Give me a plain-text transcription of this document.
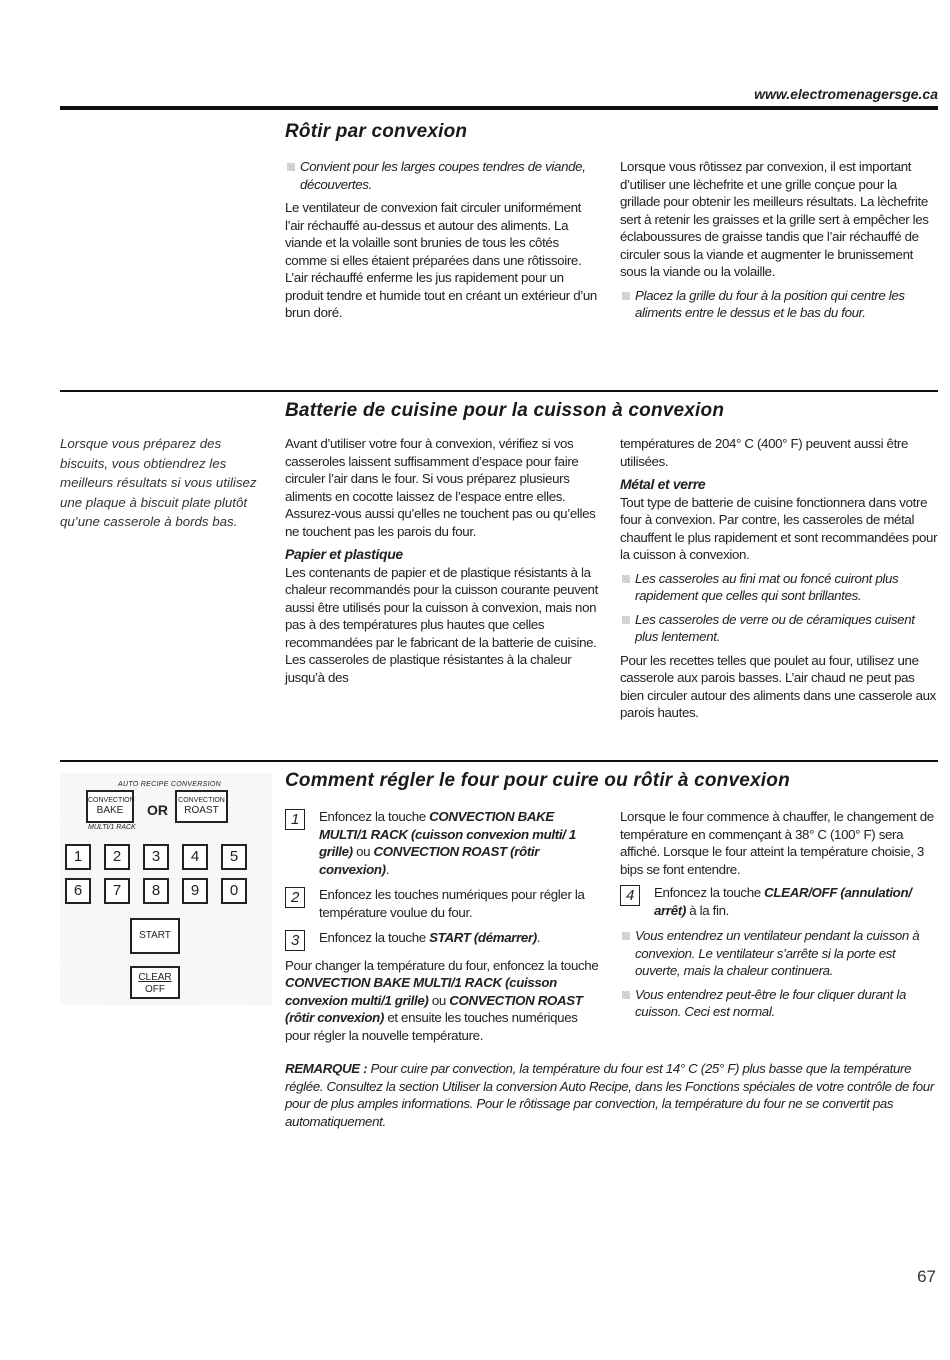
www.electromenagersge.ca
Rôtir par convexion
Convient pour les larges coupes tendres de viande, découvertes.

Le ventilateur de convexion fait circuler uniformément l’air réchauffé au-dessus et autour des aliments. La viande et la volaille sont brunies de tous les côtés comme si elles étaient préparées dans une rôtissoire. L’air réchauffé enferme les jus rapidement pour un produit tendre et humide tout en créant un extérieur d’un brun doré.

Lorsque vous rôtissez par convexion, il est important d’utiliser une lèchefrite et une grille conçue pour la grillade pour obtenir les meilleurs résultats. La lèchefrite sert à retenir les graisses et la grille sert à empêcher les éclaboussures de graisse tandis que l’air réchauffé de circuler sous la viande et augmenter le brunissement sous la viande ou la volaille.

Placez la grille du four à la position qui centre les aliments entre le dessus et le bas du four.
Batterie de cuisine pour la cuisson à convexion
Lorsque vous préparez des biscuits, vous obtiendrez les meilleurs résultats si vous utilisez une plaque à biscuit plate plutôt qu’une casserole à bords bas.

Avant d’utiliser votre four à convexion, vérifiez si vos casseroles laissent suffisamment d’espace pour faire circuler l’air dans le four. Si vous préparez plusieurs aliments en cocotte laissez de l’espace entre elles. Assurez-vous aussi qu’elles ne touchent pas ou qu’elles ne touchent pas les parois du four.

Papier et plastique

Les contenants de papier et de plastique résistants à la chaleur recommandés pour la cuisson courante peuvent aussi être utilisés pour la cuisson à convexion, mais non pas à des températures plus hautes que celles recommandées par le fabricant de la batterie de cuisine. Les casseroles de plastique résistantes à la chaleur jusqu’à des

températures de 204° C (400° F) peuvent aussi être utilisées.

Métal et verre

Tout type de batterie de cuisine fonctionnera dans votre four à convexion. Par contre, les casseroles de métal chauffent le plus rapidement et sont recommandées pour la cuisson à convexion.

Les casseroles au fini mat ou foncé cuiront plus rapidement que celles qui sont brillantes.
Les casseroles de verre ou de céramiques cuisent plus lentement.

Pour les recettes telles que poulet au four, utilisez une casserole aux parois basses. L’air chaud ne peut pas bien circuler autour des aliments dans une casserole aux parois hautes.

AUTO RECIPE CONVERSION
CONVECTION
BAKE	OR
CONVECTION
ROAST
MULTI/1 RACK
1	2	3	4	5
6	7	8	9	0
START
CLEAR
OFF
Comment régler le four pour cuire ou rôtir à convexion
1	Enfoncez la touche CONVECTION BAKE MULTI/1 RACK (cuisson convexion multi/ 1 grille) ou CONVECTION ROAST (rôtir convexion).
2	Enfoncez les touches numériques pour régler la température voulue du four.
3	Enfoncez la touche START (démarrer).

Pour changer la température du four, enfoncez la touche CONVECTION BAKE MULTI/1 RACK (cuisson convexion multi/1 grille) ou CONVECTION ROAST (rôtir convexion) et ensuite les touches numériques pour régler la nouvelle température.

Lorsque le four commence à chauffer, le changement de température en commençant à 38° C (100° F) sera affiché. Lorsque le four atteint la température choisie, 3 bips se font entendre.

4	Enfoncez la touche CLEAR/OFF (annulation/ arrêt) à la fin.
Vous entendrez un ventilateur pendant la cuisson à convexion. Le ventilateur s’arrête si la porte est ouverte, mais la chaleur continuera.
Vous entendrez peut-être le four cliquer durant la cuisson. Ceci est normal.
REMARQUE : Pour cuire par convection, la température du four est 14° C (25° F) plus basse que la température réglée. Consultez la section Utiliser la conversion Auto Recipe, dans les Fonctions spéciales de votre contrôle de four pour de plus amples informations. Pour le rôtissage par convection, la température du four ne se convertit pas automatiquement.
67
